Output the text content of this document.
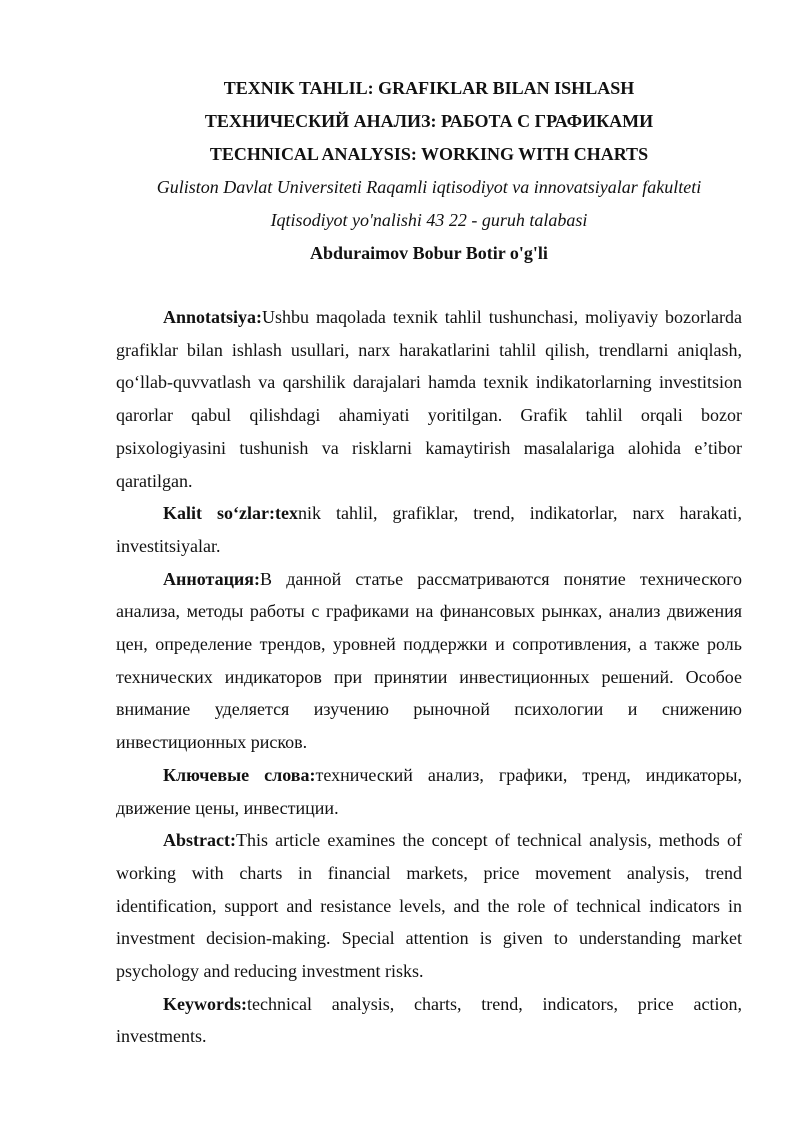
TEXNIK TAHLIL: GRAFIKLAR BILAN ISHLASH
ТЕХНИЧЕСКИЙ АНАЛИЗ: РАБОТА С ГРАФИКАМИ
TECHNICAL ANALYSIS: WORKING WITH CHARTS
Guliston Davlat Universiteti Raqamli iqtisodiyot va innovatsiyalar fakulteti
Iqtisodiyot yo'nalishi 43 22 - guruh talabasi
Abduraimov Bobur Botir o'g'li

Annotatsiya:Ushbu maqolada texnik tahlil tushunchasi, moliyaviy bozorlarda grafiklar bilan ishlash usullari, narx harakatlarini tahlil qilish, trendlarni aniqlash, qo‘llab-quvvatlash va qarshilik darajalari hamda texnik indikatorlarning investitsion qarorlar qabul qilishdagi ahamiyati yoritilgan. Grafik tahlil orqali bozor psixologiyasini tushunish va risklarni kamaytirish masalalariga alohida e’tibor qaratilgan.

Kalit so‘zlar:texnik tahlil, grafiklar, trend, indikatorlar, narx harakati, investitsiyalar.

Аннотация:В данной статье рассматриваются понятие технического анализа, методы работы с графиками на финансовых рынках, анализ движения цен, определение трендов, уровней поддержки и сопротивления, а также роль технических индикаторов при принятии инвестиционных решений. Особое внимание уделяется изучению рыночной психологии и снижению инвестиционных рисков.

Ключевые слова:технический анализ, графики, тренд, индикаторы, движение цены, инвестиции.

Abstract:This article examines the concept of technical analysis, methods of working with charts in financial markets, price movement analysis, trend identification, support and resistance levels, and the role of technical indicators in investment decision-making. Special attention is given to understanding market psychology and reducing investment risks.

Keywords:technical analysis, charts, trend, indicators, price action, investments.
